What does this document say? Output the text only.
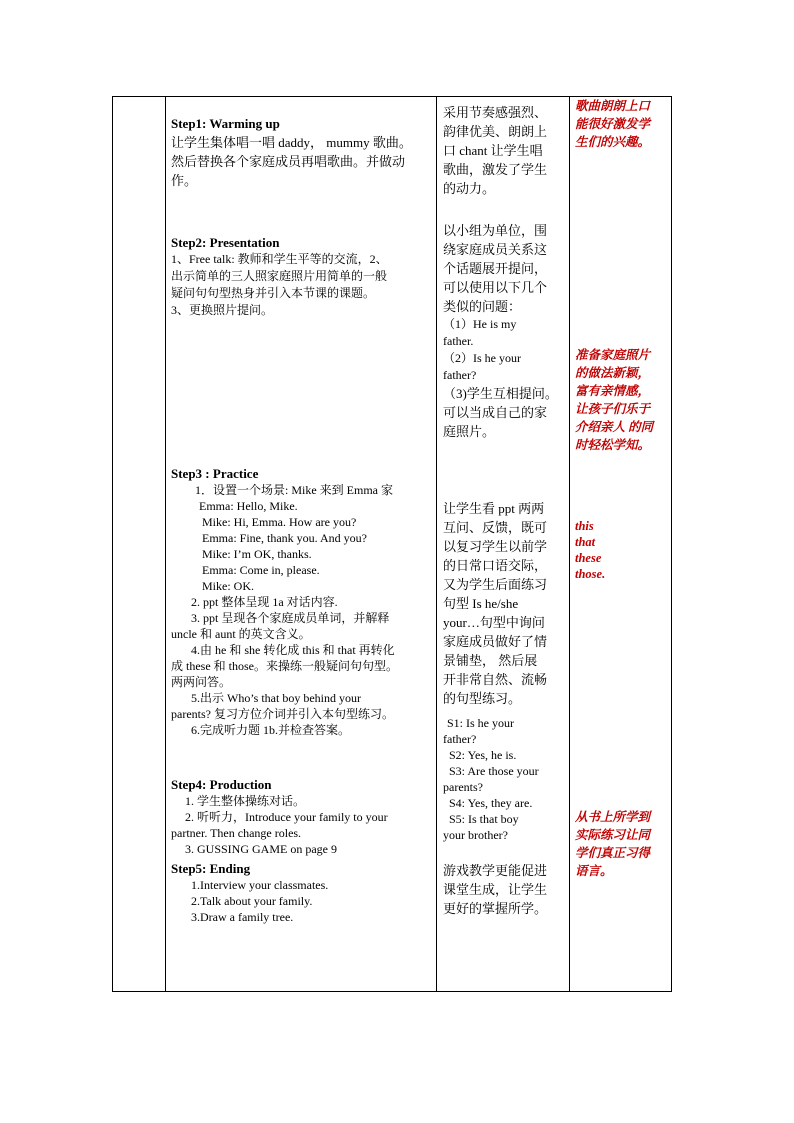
Step1: Warming up
让学生集体唱一唱 daddy， mummy 歌曲。
然后替换各个家庭成员再唱歌曲。并做动
作。
Step2: Presentation
1、Free talk: 教师和学生平等的交流，2、
出示简单的三人照家庭照片用简单的一般
疑问句句型热身并引入本节课的课题。
3、更换照片提问。
Step3 : Practice
1．设置一个场景: Mike 来到 Emma 家
Emma: Hello, Mike.
Mike: Hi, Emma. How are you?
Emma: Fine, thank you. And you?
Mike: I’m OK, thanks.
Emma: Come in, please.
Mike: OK.
2. ppt 整体呈现 1a 对话内容.
3. ppt 呈现各个家庭成员单词，并解释
uncle 和 aunt 的英文含义。
4.由 he 和 she 转化成 this 和 that 再转化
成 these 和 those。来操练一般疑问句句型。
两两问答。
5.出示 Who’s that boy behind your
parents? 复习方位介词并引入本句型练习。
6.完成听力题 1b.并检查答案。
Step4: Production
1. 学生整体操练对话。
2. 听听力，Introduce your family to your
partner. Then change roles.
3. GUSSING GAME on page 9
Step5: Ending
1.Interview your classmates.
2.Talk about your family.
3.Draw a family tree.
采用节奏感强烈、
韵律优美、朗朗上
口 chant 让学生唱
歌曲，激发了学生
的动力。
以小组为单位，围
绕家庭成员关系这
个话题展开提问，
可以使用以下几个
类似的问题：
（1）He is my
father.
（2）Is he your
father?
（3)学生互相提问。
可以当成自己的家
庭照片。
让学生看 ppt 两两
互问、反馈，既可
以复习学生以前学
的日常口语交际，
又为学生后面练习
句型 Is he/she
your…句型中询问
家庭成员做好了情
景铺垫， 然后展
开非常自然、流畅
的句型练习。
S1: Is he your
father?
S2: Yes, he is.
S3: Are those your
parents?
S4: Yes, they are.
S5: Is that boy
your brother?
游戏教学更能促进
课堂生成，让学生
更好的掌握所学。
歌曲朗朗上口
能很好激发学
生们的兴趣。
准备家庭照片
的做法新颖，
富有亲情感，
让孩子们乐于
介绍亲人 的同
时轻松学知。
this
that
these
those.
从书上所学到
实际练习让同
学们真正习得
语言。
